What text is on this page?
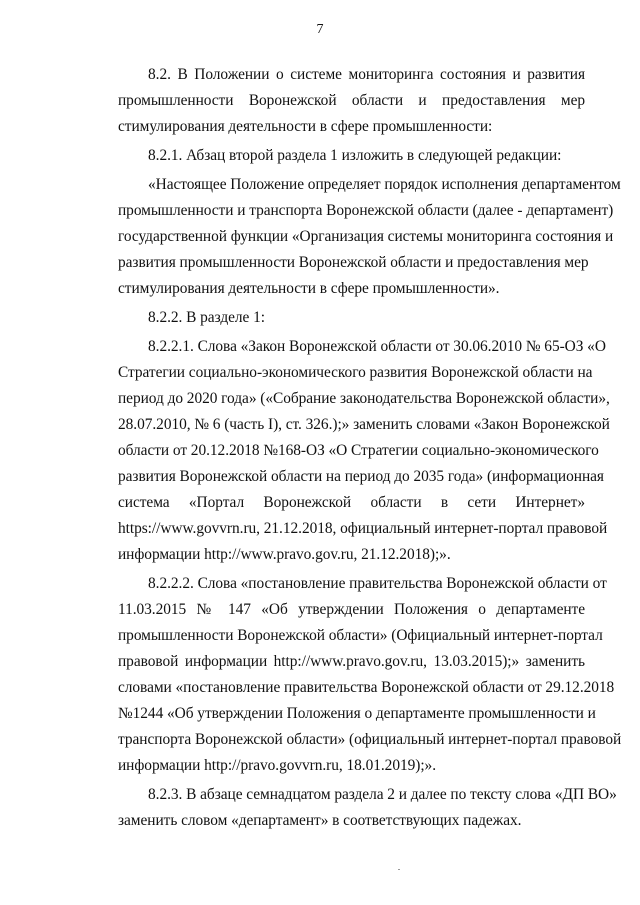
7
8.2. В Положении о системе мониторинга состояния и развития
промышленности Воронежской области и предоставления мер
стимулирования деятельности в сфере промышленности:
8.2.1. Абзац второй раздела 1 изложить в следующей редакции:
«Настоящее Положение определяет порядок исполнения департаментом
промышленности и транспорта Воронежской области (далее - департамент)
государственной функции «Организация системы мониторинга состояния и
развития промышленности Воронежской области и предоставления мер
стимулирования деятельности в сфере промышленности».
8.2.2. В разделе 1:
8.2.2.1. Слова «Закон Воронежской области от 30.06.2010 № 65-ОЗ «О
Стратегии социально-экономического развития Воронежской области на
период до 2020 года» («Собрание законодательства Воронежской области»,
28.07.2010, № 6 (часть I), ст. 326.);» заменить словами «Закон Воронежской
области от 20.12.2018 №168-ОЗ «О Стратегии социально-экономического
развития Воронежской области на период до 2035 года» (информационная
система «Портал Воронежской области в сети Интернет»
https://www.govvrn.ru, 21.12.2018, официальный интернет-портал правовой
информации http://www.pravo.gov.ru, 21.12.2018);».
8.2.2.2. Слова «постановление правительства Воронежской области от
11.03.2015 № 147 «Об утверждении Положения о департаменте
промышленности Воронежской области» (Официальный интернет-портал
правовой информации http://www.pravo.gov.ru, 13.03.2015);» заменить
словами «постановление правительства Воронежской области от 29.12.2018
№1244 «Об утверждении Положения о департаменте промышленности и
транспорта Воронежской области» (официальный интернет-портал правовой
информации http://pravo.govvrn.ru, 18.01.2019);».
8.2.3. В абзаце семнадцатом раздела 2 и далее по тексту слова «ДП ВО»
заменить словом «департамент» в соответствующих падежах.
